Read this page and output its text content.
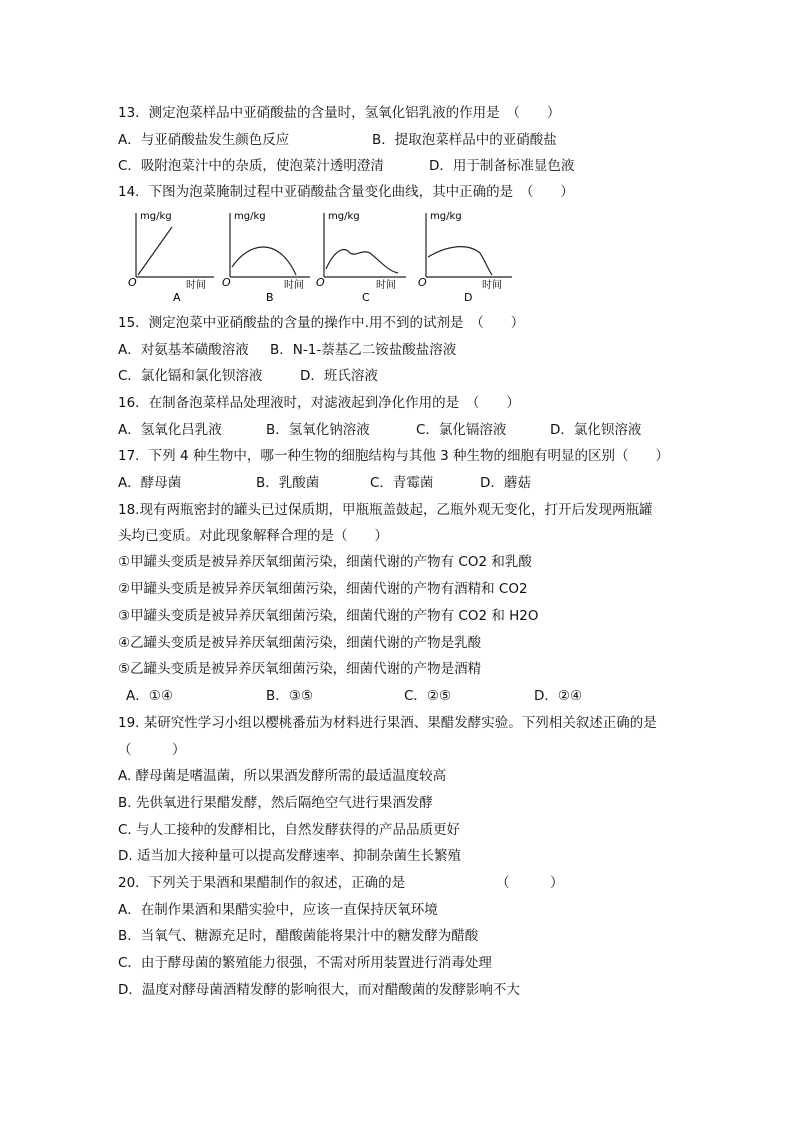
13．测定泡菜样品中亚硝酸盐的含量时，氢氧化铝乳液的作用是　（　　）
A．与亚硝酸盐发生颜色反应	B．提取泡菜样品中的亚硝酸盐
C．吸附泡菜汁中的杂质，使泡菜汁透明澄清	D．用于制备标准显色液
14．下图为泡菜腌制过程中亚硝酸盐含量变化曲线，其中正确的是　（　　）
mg/kg
O	时间
A
mg/kg
O	时间
B
mg/kg
O	时间
C
mg/kg
O	时间
D
15．测定泡菜中亚硝酸盐的含量的操作中.用不到的试剂是　（　　）
A．对氨基苯磺酸溶液 B．N-1-萘基乙二铵盐酸盐溶液
C．氯化镉和氯化钡溶液	D．班氏溶液
16．在制备泡菜样品处理液时，对滤液起到净化作用的是　（　　）
A．氢氧化吕乳液	B．氢氧化钠溶液	C．氯化镉溶液	D．氯化钡溶液
17．下列 4 种生物中，哪一种生物的细胞结构与其他 3 种生物的细胞有明显的区别（　　）
A．酵母菌	B．乳酸菌	C．青霉菌	D．蘑菇
18.现有两瓶密封的罐头已过保质期，甲瓶瓶盖鼓起，乙瓶外观无变化，打开后发现两瓶罐
头均已变质。对此现象解释合理的是（　　）
①甲罐头变质是被异养厌氧细菌污染，细菌代谢的产物有 CO2 和乳酸
②甲罐头变质是被异养厌氧细菌污染，细菌代谢的产物有酒精和 CO2
③甲罐头变质是被异养厌氧细菌污染，细菌代谢的产物有 CO2 和 H2O
④乙罐头变质是被异养厌氧细菌污染，细菌代谢的产物是乳酸
⑤乙罐头变质是被异养厌氧细菌污染，细菌代谢的产物是酒精
A．①④	B．③⑤	C．②⑤	D．②④
19. 某研究性学习小组以樱桃番茄为材料进行果酒、果醋发酵实验。下列相关叙述正确的是
（　　　）
A. 酵母菌是嗜温菌，所以果酒发酵所需的最适温度较高
B. 先供氧进行果醋发酵，然后隔绝空气进行果酒发酵
C. 与人工接种的发酵相比，自然发酵获得的产品品质更好
D. 适当加大接种量可以提高发酵速率、抑制杂菌生长繁殖
20．下列关于果酒和果醋制作的叙述，正确的是	（　　　）
A．在制作果酒和果醋实验中，应该一直保持厌氧环境
B．当氧气、糖源充足时，醋酸菌能将果汁中的糖发酵为醋酸
C．由于酵母菌的繁殖能力很强，不需对所用装置进行消毒处理
D．温度对酵母菌酒精发酵的影响很大，而对醋酸菌的发酵影响不大
